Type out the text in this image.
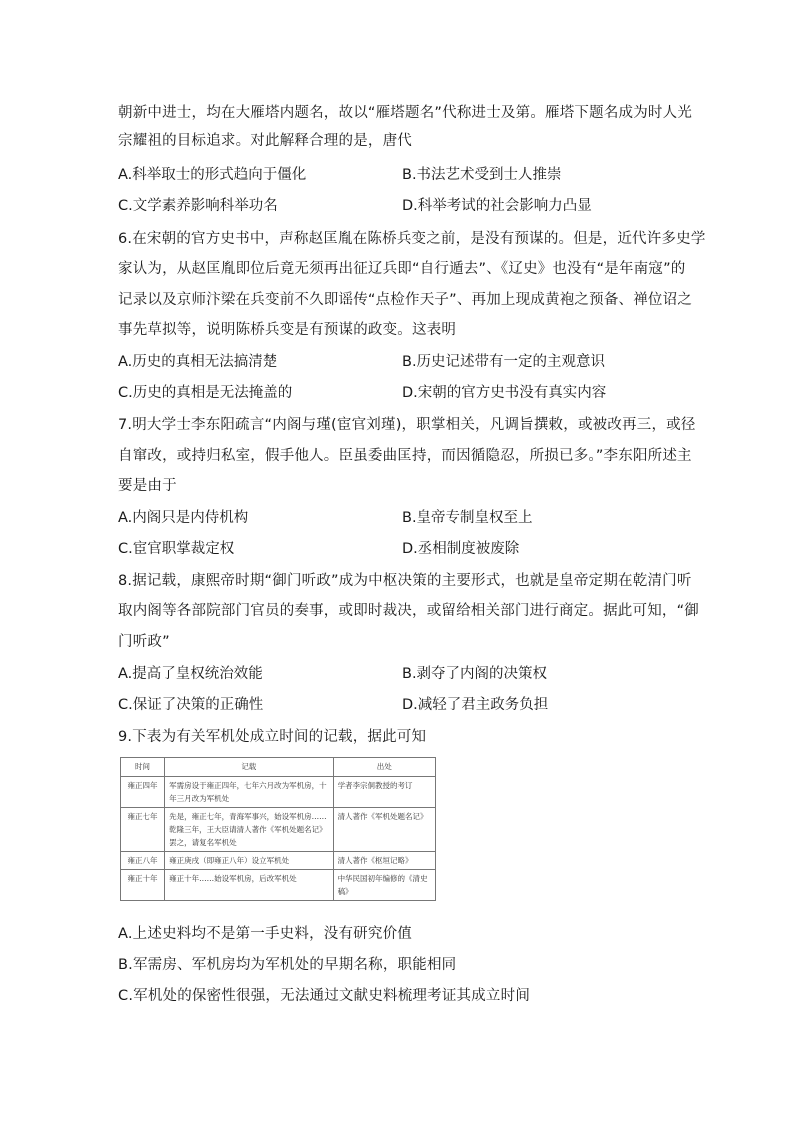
朝新中进士，均在大雁塔内题名，故以“雁塔题名”代称进士及第。雁塔下题名成为时人光
宗耀祖的目标追求。对此解释合理的是，唐代
A.科举取士的形式趋向于僵化	B.书法艺术受到士人推崇
C.文学素养影响科举功名	D.科举考试的社会影响力凸显
6.在宋朝的官方史书中，声称赵匡胤在陈桥兵变之前，是没有预谋的。但是，近代许多史学
家认为，从赵匡胤即位后竟无须再出征辽兵即“自行遁去”、《辽史》也没有“是年南寇”的
记录以及京师汴梁在兵变前不久即谣传“点检作天子”、再加上现成黄袍之预备、禅位诏之
事先草拟等，说明陈桥兵变是有预谋的政变。这表明
A.历史的真相无法搞清楚	B.历史记述带有一定的主观意识
C.历史的真相是无法掩盖的	D.宋朝的官方史书没有真实内容
7.明大学士李东阳疏言“内阁与瑾(宦官刘瑾)，职掌相关，凡调旨撰敕，或被改再三，或径
自窜改，或持归私室，假手他人。臣虽委曲匡持，而因循隐忍，所损已多。”李东阳所述主
要是由于
A.内阁只是内侍机构	B.皇帝专制皇权至上
C.宦官职掌裁定权	D.丞相制度被废除
8.据记载，康熙帝时期“御门听政”成为中枢决策的主要形式，也就是皇帝定期在乾清门听
取内阁等各部院部门官员的奏事，或即时裁决，或留给相关部门进行商定。据此可知，“御
门听政”
A.提高了皇权统治效能	B.剥夺了内阁的决策权
C.保证了决策的正确性	D.减轻了君主政务负担
9.下表为有关军机处成立时间的记载，据此可知
时间	记载	出处
雍正四年	军需房设于雍正四年，七年六月改为军机房，十年三月改为军机处	学者李宗侗教授的考订
雍正七年	先是，雍正七年，青海军事兴，始设军机房……乾隆三年，王大臣请清人著作《军机处题名记》罢之，请复名军机处	清人著作《军机处题名记》
雍正八年	雍正庚戌（即雍正八年）设立军机处	清人著作《枢垣记略》
雍正十年	雍正十年……始设军机房，后改军机处	中华民国初年编修的《清史稿》
A.上述史料均不是第一手史料，没有研究价值
B.军需房、军机房均为军机处的早期名称，职能相同
C.军机处的保密性很强，无法通过文献史料梳理考证其成立时间
